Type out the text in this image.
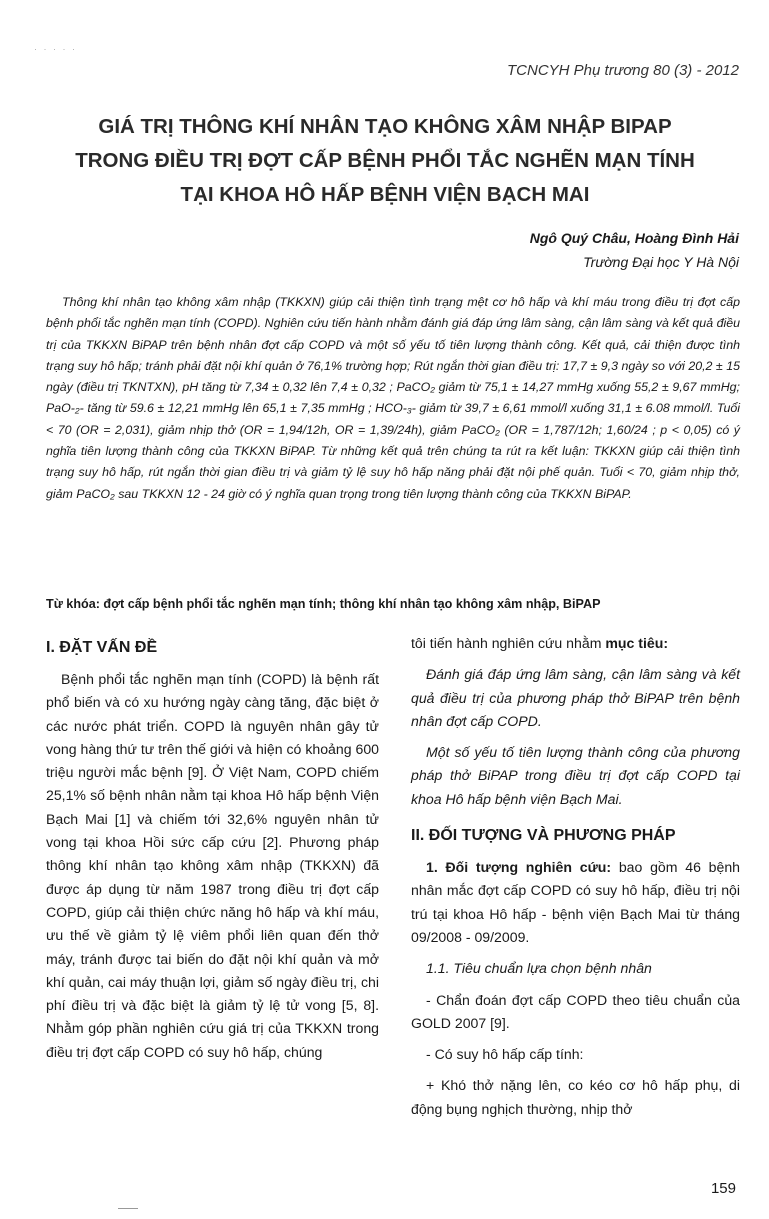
· · · · ·
TCNCYH Phụ trương 80 (3) - 2012
GIÁ TRỊ THÔNG KHÍ NHÂN TẠO KHÔNG XÂM NHẬP BIPAP
TRONG ĐIỀU TRỊ ĐỢT CẤP BỆNH PHỔI TẮC NGHẼN MẠN TÍNH
TẠI KHOA HÔ HẤP BỆNH VIỆN BẠCH MAI
Ngô Quý Châu, Hoàng Đình Hải
Trường Đại học Y Hà Nội

Thông khí nhân tạo không xâm nhập (TKKXN) giúp cải thiện tình trạng mệt cơ hô hấp và khí máu trong điều trị đợt cấp bệnh phổi tắc nghẽn mạn tính (COPD). Nghiên cứu tiến hành nhằm đánh giá đáp ứng lâm sàng, cận lâm sàng và kết quả điều trị của TKKXN BiPAP trên bệnh nhân đợt cấp COPD và một số yếu tố tiên lượng thành công. Kết quả, cải thiện được tình trạng suy hô hấp; tránh phải đặt nội khí quản ở 76,1% trường hợp; Rút ngắn thời gian điều trị: 17,7 ± 9,3 ngày so với 20,2 ± 15 ngày (điều trị TKNTXN), pH tăng từ 7,34 ± 0,32 lên 7,4 ± 0,32 ; PaCO₂ giảm từ 75,1 ± 14,27 mmHg xuống 55,2 ± 9,67 mmHg; PaO-₂- tăng từ 59.6 ± 12,21 mmHg lên 65,1 ± 7,35 mmHg ; HCO-₃- giảm từ 39,7 ± 6,61 mmol/l xuống 31,1 ± 6.08 mmol/l. Tuổi < 70 (OR = 2,031), giảm nhịp thở (OR = 1,94/12h, OR = 1,39/24h), giảm PaCO₂ (OR = 1,787/12h; 1,60/24 ; p < 0,05) có ý nghĩa tiên lượng thành công của TKKXN BiPAP. Từ những kết quả trên chúng ta rút ra kết luận: TKKXN giúp cải thiện tình trạng suy hô hấp, rút ngắn thời gian điều trị và giảm tỷ lệ suy hô hấp năng phải đặt nội phế quản. Tuổi < 70, giảm nhịp thở, giảm PaCO₂ sau TKKXN 12 - 24 giờ có ý nghĩa quan trọng trong tiên lượng thành công của TKKXN BiPAP.

Từ khóa: đợt cấp bệnh phổi tắc nghẽn mạn tính; thông khí nhân tạo không xâm nhập, BiPAP
I. ĐẶT VẤN ĐỀ

Bệnh phổi tắc nghẽn mạn tính (COPD) là bệnh rất phổ biến và có xu hướng ngày càng tăng, đặc biệt ở các nước phát triển. COPD là nguyên nhân gây tử vong hàng thứ tư trên thế giới và hiện có khoảng 600 triệu người mắc bệnh [9]. Ở Việt Nam, COPD chiếm 25,1% số bệnh nhân nằm tại khoa Hô hấp bệnh Viện Bạch Mai [1] và chiếm tới 32,6% nguyên nhân tử vong tại khoa Hồi sức cấp cứu [2]. Phương pháp thông khí nhân tạo không xâm nhập (TKKXN) đã được áp dụng từ năm 1987 trong điều trị đợt cấp COPD, giúp cải thiện chức năng hô hấp và khí máu, ưu thế về giảm tỷ lệ viêm phổi liên quan đến thở máy, tránh được tai biến do đặt nội khí quản và mở khí quản, cai máy thuận lợi, giảm số ngày điều trị, chi phí điều trị và đặc biệt là giảm tỷ lệ tử vong [5, 8]. Nhằm góp phần nghiên cứu giá trị của TKKXN trong điều trị đợt cấp COPD có suy hô hấp, chúng

tôi tiến hành nghiên cứu nhằm mục tiêu:

Đánh giá đáp ứng lâm sàng, cận lâm sàng và kết quả điều trị của phương pháp thở BiPAP trên bệnh nhân đợt cấp COPD.

Một số yếu tố tiên lượng thành công của phương pháp thở BiPAP trong điều trị đợt cấp COPD tại khoa Hô hấp bệnh viện Bạch Mai.

II. ĐỐI TƯỢNG VÀ PHƯƠNG PHÁP

1. Đối tượng nghiên cứu: bao gồm 46 bệnh nhân mắc đợt cấp COPD có suy hô hấp, điều trị nội trú tại khoa Hô hấp - bệnh viện Bạch Mai từ tháng 09/2008 - 09/2009.

1.1. Tiêu chuẩn lựa chọn bệnh nhân

- Chẩn đoán đợt cấp COPD theo tiêu chuẩn của GOLD 2007 [9].

- Có suy hô hấp cấp tính:

+ Khó thở nặng lên, co kéo cơ hô hấp phụ, di động bụng nghịch thường, nhịp thở

159
